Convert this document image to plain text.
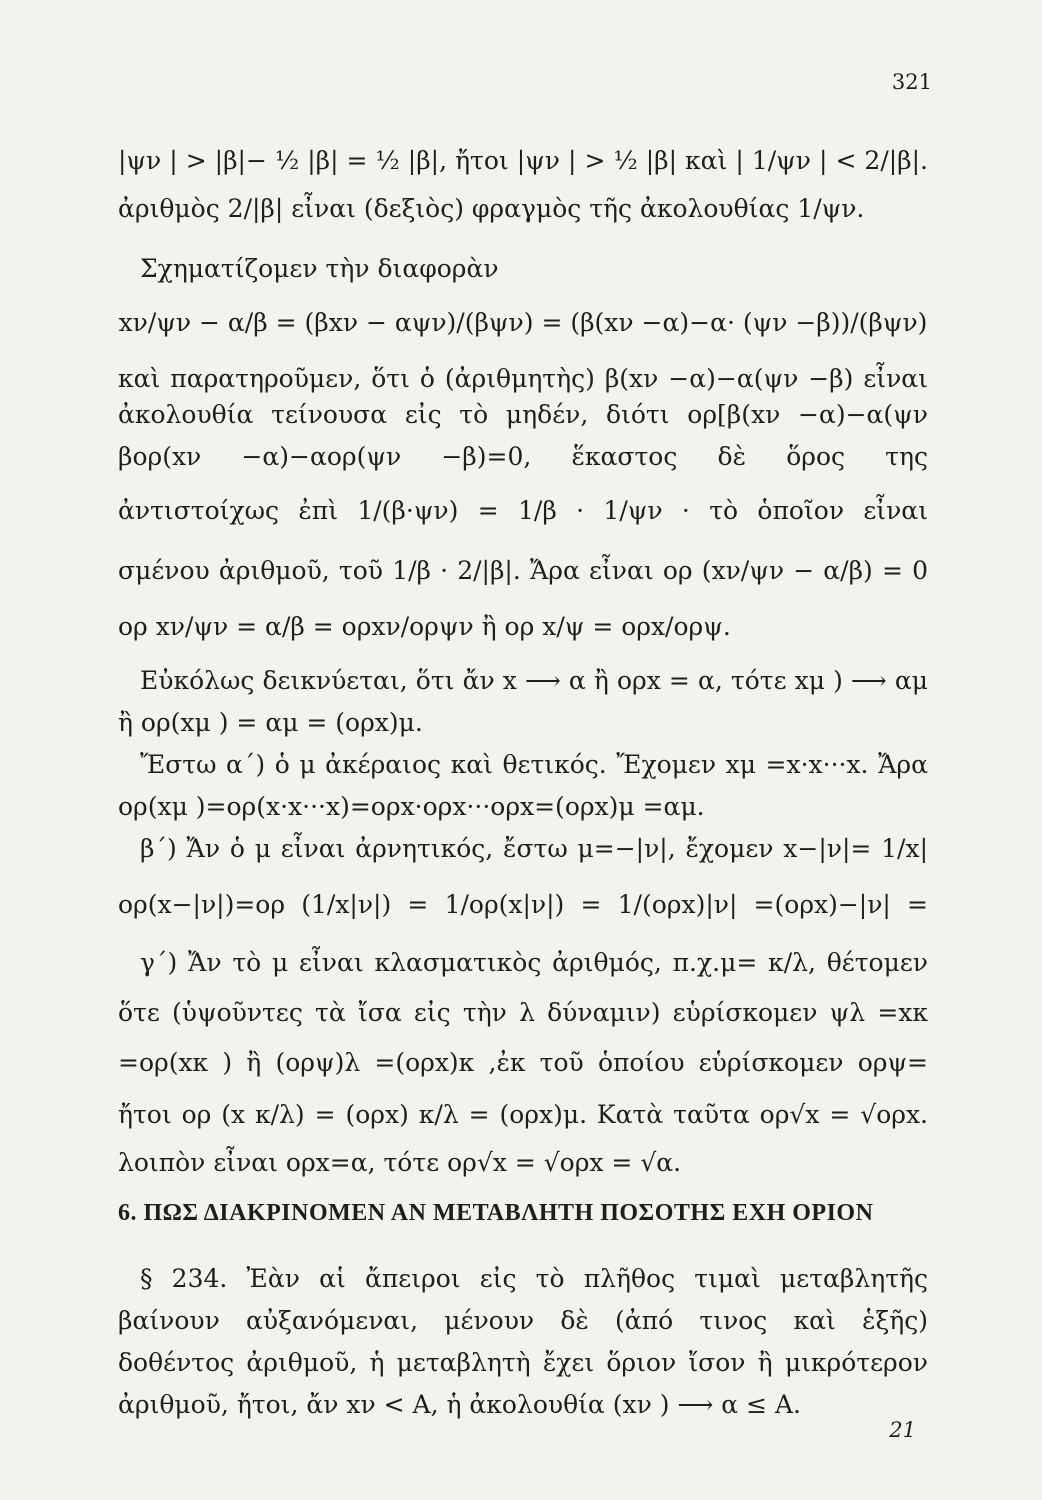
321
|ψν | > |β|− ½ |β| = ½ |β|, ἤτοι |ψν | > ½ |β| καὶ | 1/ψν | < 2/|β|.
ἀριθμὸς 2/|β| εἶναι (δεξιὸς) φραγμὸς τῆς ἀκολουθίας 1/ψν.
Σχηματίζομεν τὴν διαφορὰν
xν/ψν − α/β = (βxν − αψν)/(βψν) = (β(xν −α)−α· (ψν −β))/(βψν)
καὶ παρατηροῦμεν, ὅτι ὁ (ἀριθμητὴς) β(xν −α)−α(ψν −β) εἶναι
ἀκολουθία τείνουσα εἰς τὸ μηδέν, διότι ορ[β(xν −α)−α(ψν
βορ(xν −α)−αορ(ψν −β)=0, ἕκαστος δὲ ὅρος της
ἀντιστοίχως ἐπὶ 1/(β·ψν) = 1/β · 1/ψν · τὸ ὁποῖον εἶναι
σμένου ἀριθμοῦ, τοῦ 1/β · 2/|β|. Ἄρα εἶναι ορ (xν/ψν − α/β) = 0
ορ xν/ψν = α/β = ορxν/ορψν ἢ ορ x/ψ = ορx/ορψ.
Εὐκόλως δεικνύεται, ὅτι ἄν x ⟶ α ἢ ορx = α, τότε xμ ) ⟶ αμ
ἢ ορ(xμ ) = αμ = (ορx)μ.
Ἔστω α΄) ὁ μ ἀκέραιος καὶ θετικός. Ἔχομεν xμ =x·x···x. Ἄρα
ορ(xμ )=ορ(x·x···x)=ορx·ορx···ορx=(ορx)μ =αμ.
β΄) Ἄν ὁ μ εἶναι ἀρνητικός, ἔστω μ=−|ν|, ἔχομεν x−|ν|= 1/x|
ορ(x−|ν|)=ορ (1/x|ν|) = 1/ορ(x|ν|) = 1/(ορx)|ν| =(ορx)−|ν| =
γ΄) Ἄν τὸ μ εἶναι κλασματικὸς ἀριθμός, π.χ.μ= κ/λ, θέτομεν
ὅτε (ὑψοῦντες τὰ ἴσα εἰς τὴν λ δύναμιν) εὑρίσκομεν ψλ =xκ
=ορ(xκ ) ἢ (ορψ)λ =(ορx)κ ,ἐκ τοῦ ὁποίου εὑρίσκομεν ορψ=
ἤτοι ορ (x κ/λ) = (ορx) κ/λ = (ορx)μ. Κατὰ ταῦτα ορ√x = √ορx.
λοιπὸν εἶναι ορx=α, τότε ορ√x = √ορx = √α.
6. ΠΩΣ ΔΙΑΚΡΙΝΟΜΕΝ ΑΝ ΜΕΤΑΒΛΗΤΗ ΠΟΣΟΤΗΣ ΕΧΗ ΟΡΙΟΝ
§ 234. Ἐὰν αἱ ἄπειροι εἰς τὸ πλῆθος τιμαὶ μεταβλητῆς
βαίνουν αὐξανόμεναι, μένουν δὲ (ἀπό τινος καὶ ἑξῆς)
δοθέντος ἀριθμοῦ, ἡ μεταβλητὴ ἔχει ὅριον ἴσον ἢ μικρότερον
ἀριθμοῦ, ἤτοι, ἄν xν < Α, ἡ ἀκολουθία (xν ) ⟶ α ≤ Α.
21
